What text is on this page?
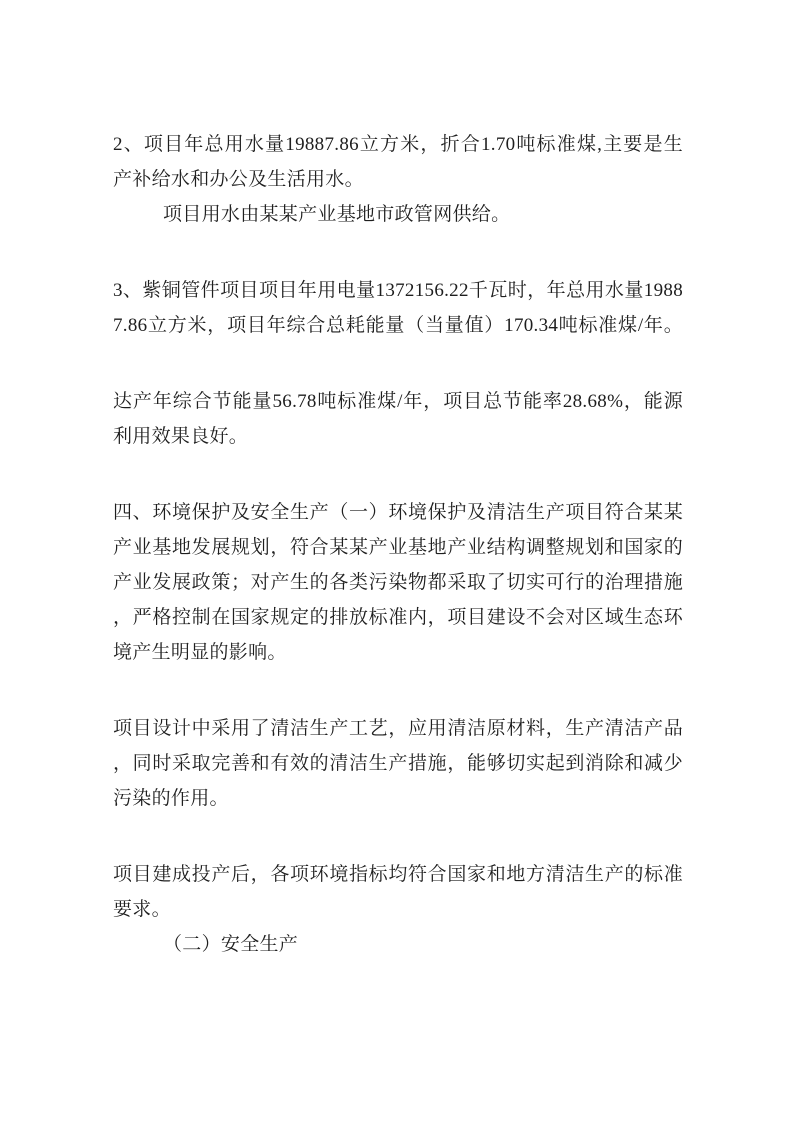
2、项目年总用水量19887.86立方米，折合1.70吨标准煤,主要是生
产补给水和办公及生活用水。
项目用水由某某产业基地市政管网供给。
3、紫铜管件项目项目年用电量1372156.22千瓦时，年总用水量1988
7.86立方米，项目年综合总耗能量（当量值）170.34吨标准煤/年。
达产年综合节能量56.78吨标准煤/年，项目总节能率28.68%，能源
利用效果良好。
四、环境保护及安全生产（一）环境保护及清洁生产项目符合某某
产业基地发展规划，符合某某产业基地产业结构调整规划和国家的
产业发展政策；对产生的各类污染物都采取了切实可行的治理措施
，严格控制在国家规定的排放标准内，项目建设不会对区域生态环
境产生明显的影响。
项目设计中采用了清洁生产工艺，应用清洁原材料，生产清洁产品
，同时采取完善和有效的清洁生产措施，能够切实起到消除和减少
污染的作用。
项目建成投产后，各项环境指标均符合国家和地方清洁生产的标准
要求。
（二）安全生产
